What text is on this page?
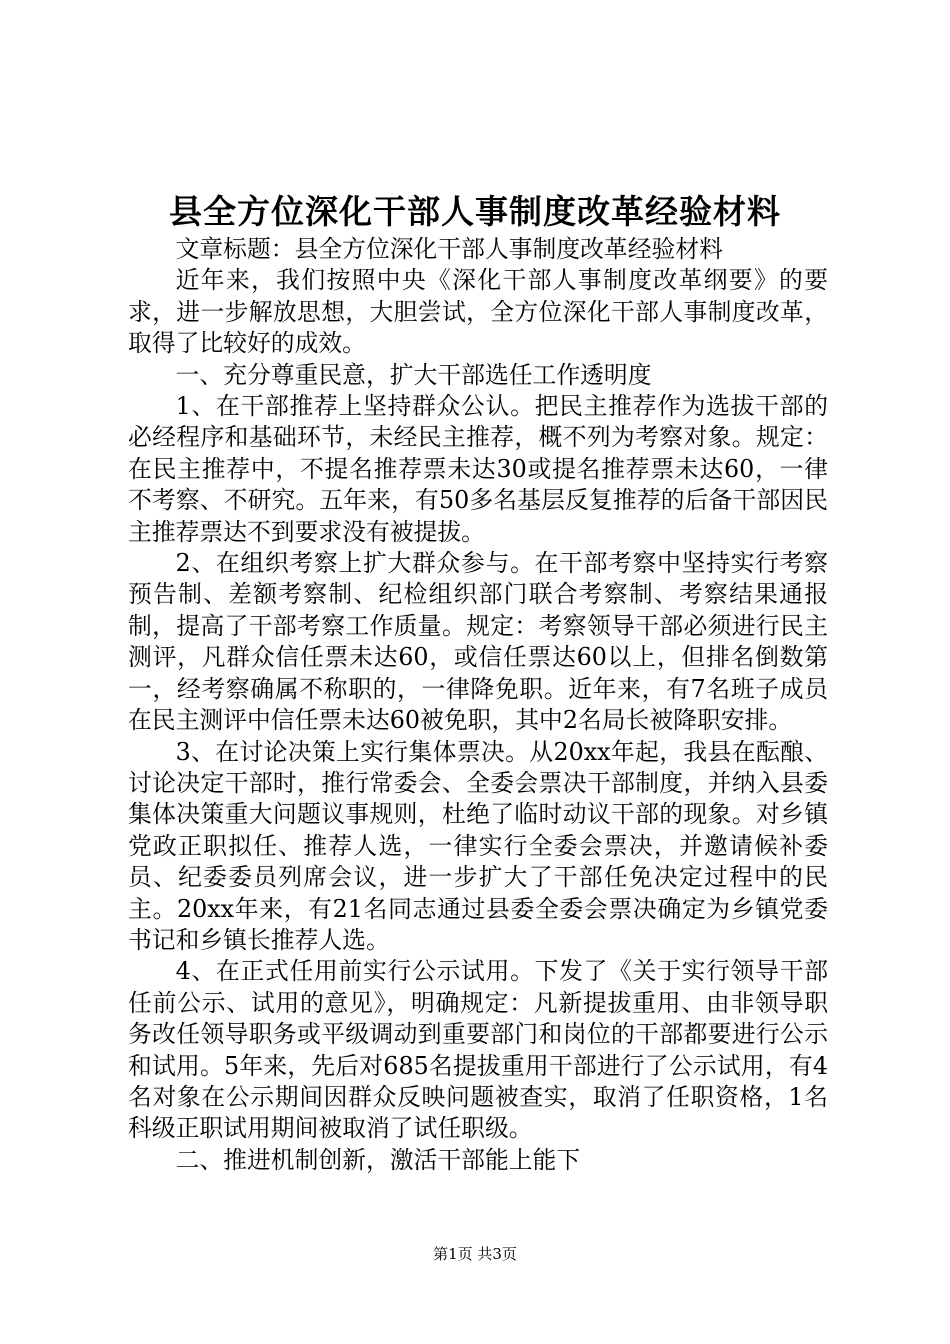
县全方位深化干部人事制度改革经验材料

文章标题：县全方位深化干部人事制度改革经验材料

近年来，我们按照中央《深化干部人事制度改革纲要》的要求，进一步解放思想，大胆尝试，全方位深化干部人事制度改革，取得了比较好的成效。

一、充分尊重民意，扩大干部选任工作透明度

1、在干部推荐上坚持群众公认。把民主推荐作为选拔干部的必经程序和基础环节，未经民主推荐，概不列为考察对象。规定：在民主推荐中，不提名推荐票未达30或提名推荐票未达60，一律不考察、不研究。五年来，有50多名基层反复推荐的后备干部因民主推荐票达不到要求没有被提拔。

2、在组织考察上扩大群众参与。在干部考察中坚持实行考察预告制、差额考察制、纪检组织部门联合考察制、考察结果通报制，提高了干部考察工作质量。规定：考察领导干部必须进行民主测评，凡群众信任票未达60，或信任票达60以上，但排名倒数第一，经考察确属不称职的，一律降免职。近年来，有7名班子成员在民主测评中信任票未达60被免职，其中2名局长被降职安排。

3、在讨论决策上实行集体票决。从20xx年起，我县在酝酿、讨论决定干部时，推行常委会、全委会票决干部制度，并纳入县委集体决策重大问题议事规则，杜绝了临时动议干部的现象。对乡镇党政正职拟任、推荐人选，一律实行全委会票决，并邀请候补委员、纪委委员列席会议，进一步扩大了干部任免决定过程中的民主。20xx年来，有21名同志通过县委全委会票决确定为乡镇党委书记和乡镇长推荐人选。

4、在正式任用前实行公示试用。下发了《关于实行领导干部任前公示、试用的意见》，明确规定：凡新提拔重用、由非领导职务改任领导职务或平级调动到重要部门和岗位的干部都要进行公示和试用。5年来，先后对685名提拔重用干部进行了公示试用，有4名对象在公示期间因群众反映问题被查实，取消了任职资格，1名科级正职试用期间被取消了试任职级。

二、推进机制创新，激活干部能上能下

第1页 共3页
